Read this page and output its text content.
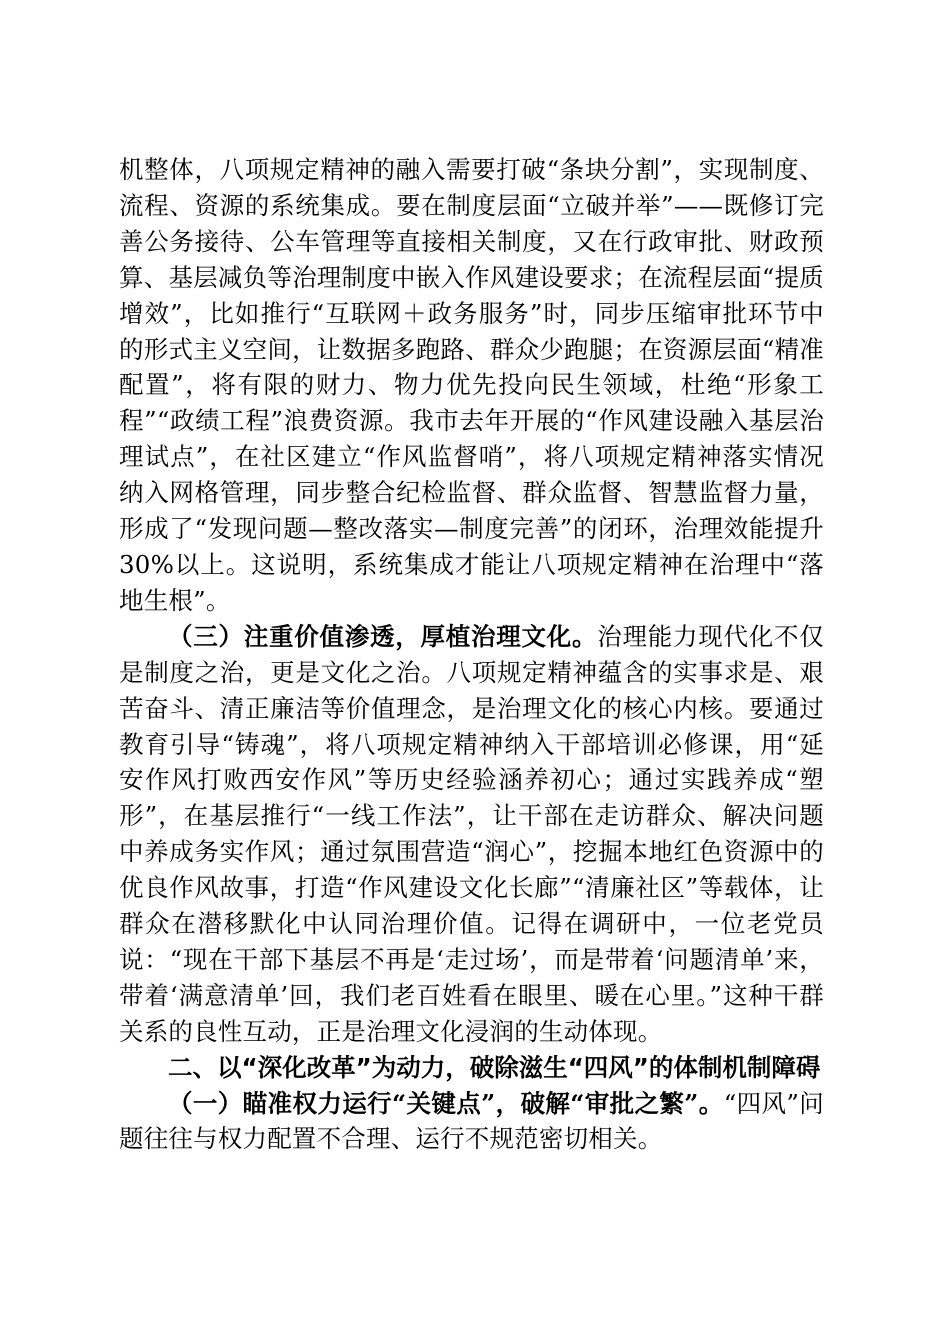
机整体，八项规定精神的融入需要打破“条块分割”，实现制度、流程、资源的系统集成。要在制度层面“立破并举”——既修订完善公务接待、公车管理等直接相关制度，又在行政审批、财政预算、基层减负等治理制度中嵌入作风建设要求；在流程层面“提质增效”，比如推行“互联网＋政务服务”时，同步压缩审批环节中的形式主义空间，让数据多跑路、群众少跑腿；在资源层面“精准配置”，将有限的财力、物力优先投向民生领域，杜绝“形象工程”“政绩工程”浪费资源。我市去年开展的“作风建设融入基层治理试点”，在社区建立“作风监督哨”，将八项规定精神落实情况纳入网格管理，同步整合纪检监督、群众监督、智慧监督力量，形成了“发现问题—整改落实—制度完善”的闭环，治理效能提升30%以上。这说明，系统集成才能让八项规定精神在治理中“落地生根”。

（三）注重价值渗透，厚植治理文化。治理能力现代化不仅是制度之治，更是文化之治。八项规定精神蕴含的实事求是、艰苦奋斗、清正廉洁等价值理念，是治理文化的核心内核。要通过教育引导“铸魂”，将八项规定精神纳入干部培训必修课，用“延安作风打败西安作风”等历史经验涵养初心；通过实践养成“塑形”，在基层推行“一线工作法”，让干部在走访群众、解决问题中养成务实作风；通过氛围营造“润心”，挖掘本地红色资源中的优良作风故事，打造“作风建设文化长廊”“清廉社区”等载体，让群众在潜移默化中认同治理价值。记得在调研中，一位老党员说：“现在干部下基层不再是‘走过场’，而是带着‘问题清单’来，带着‘满意清单’回，我们老百姓看在眼里、暖在心里。”这种干群关系的良性互动，正是治理文化浸润的生动体现。

二、以“深化改革”为动力，破除滋生“四风”的体制机制障碍

（一）瞄准权力运行“关键点”，破解“审批之繁”。“四风”问题往往与权力配置不合理、运行不规范密切相关。
